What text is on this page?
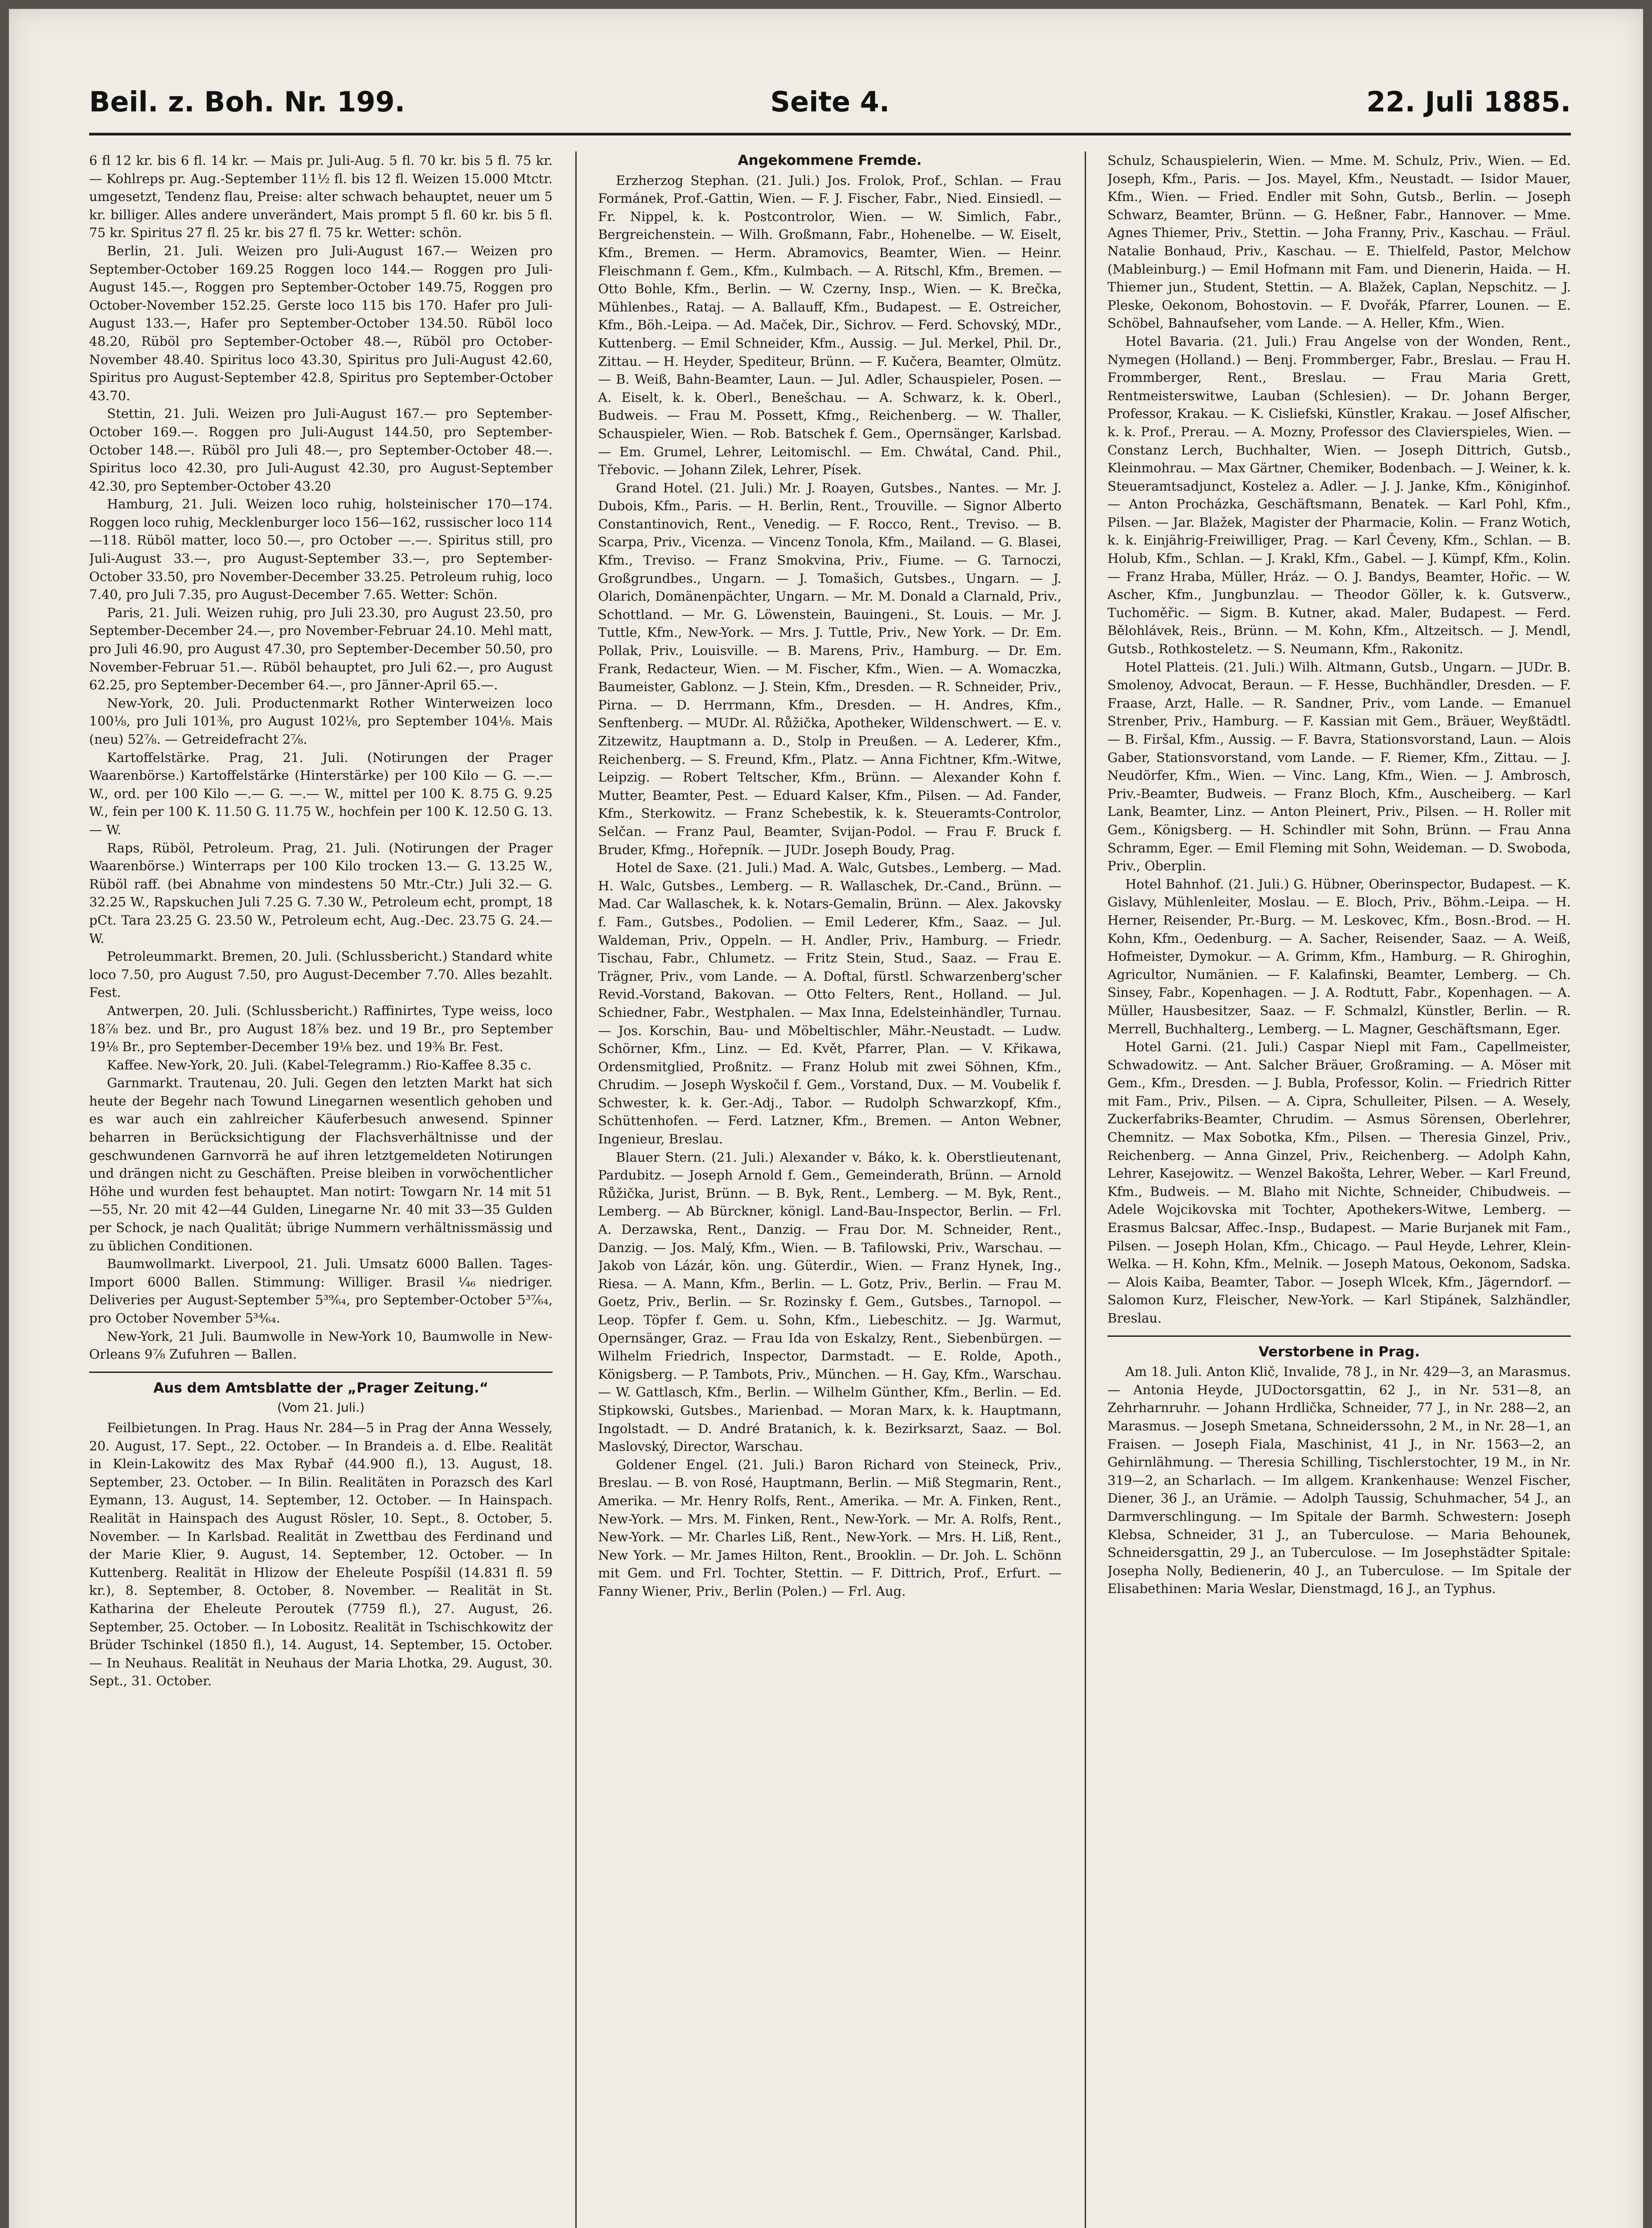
Beil. z. Boh. Nr. 199.	Seite 4.	22. Juli 1885.

6 fl 12 kr. bis 6 fl. 14 kr. — Mais pr. Juli-Aug. 5 fl. 70 kr. bis 5 fl. 75 kr. — Kohlreps pr. Aug.-September 11½ fl. bis 12 fl. Weizen 15.000 Mtctr. umgesetzt, Tendenz flau, Preise: alter schwach behauptet, neuer um 5 kr. billiger. Alles andere unverändert, Mais prompt 5 fl. 60 kr. bis 5 fl. 75 kr. Spiritus 27 fl. 25 kr. bis 27 fl. 75 kr. Wetter: schön.

Berlin, 21. Juli. Weizen pro Juli-August 167.— Weizen pro September-October 169.25 Roggen loco 144.— Roggen pro Juli-August 145.—, Roggen pro September-October 149.75, Roggen pro October-November 152.25. Gerste loco 115 bis 170. Hafer pro Juli-August 133.—, Hafer pro September-October 134.50. Rüböl loco 48.20, Rüböl pro September-October 48.—, Rüböl pro October-November 48.40. Spiritus loco 43.30, Spiritus pro Juli-August 42.60, Spiritus pro August-September 42.8, Spiritus pro September-October 43.70.

Stettin, 21. Juli. Weizen pro Juli-August 167.— pro September-October 169.—. Roggen pro Juli-August 144.50, pro September-October 148.—. Rüböl pro Juli 48.—, pro September-October 48.—. Spiritus loco 42.30, pro Juli-August 42.30, pro August-September 42.30, pro September-October 43.20

Hamburg, 21. Juli. Weizen loco ruhig, holsteinischer 170—174. Roggen loco ruhig, Mecklenburger loco 156—162, russischer loco 114—118. Rüböl matter, loco 50.—, pro October —.—. Spiritus still, pro Juli-August 33.—, pro August-September 33.—, pro September-October 33.50, pro November-December 33.25. Petroleum ruhig, loco 7.40, pro Juli 7.35, pro August-December 7.65. Wetter: Schön.

Paris, 21. Juli. Weizen ruhig, pro Juli 23.30, pro August 23.50, pro September-December 24.—, pro November-Februar 24.10. Mehl matt, pro Juli 46.90, pro August 47.30, pro September-December 50.50, pro November-Februar 51.—. Rüböl behauptet, pro Juli 62.—, pro August 62.25, pro September-December 64.—, pro Jänner-April 65.—.

New-York, 20. Juli. Productenmarkt Rother Winterweizen loco 100⅛, pro Juli 101⅜, pro August 102⅛, pro September 104⅛. Mais (neu) 52⅞. — Getreidefracht 2⅞.

Kartoffelstärke. Prag, 21. Juli. (Notirungen der Prager Waarenbörse.) Kartoffelstärke (Hinterstärke) per 100 Kilo — G. —.— W., ord. per 100 Kilo —.— G. —.— W., mittel per 100 K. 8.75 G. 9.25 W., fein per 100 K. 11.50 G. 11.75 W., hochfein per 100 K. 12.50 G. 13.— W.

Raps, Rüböl, Petroleum. Prag, 21. Juli. (Notirungen der Prager Waarenbörse.) Winterraps per 100 Kilo trocken 13.— G. 13.25 W., Rüböl raff. (bei Abnahme von mindestens 50 Mtr.-Ctr.) Juli 32.— G. 32.25 W., Rapskuchen Juli 7.25 G. 7.30 W., Petroleum echt, prompt, 18 pCt. Tara 23.25 G. 23.50 W., Petroleum echt, Aug.-Dec. 23.75 G. 24.— W.

Petroleummarkt. Bremen, 20. Juli. (Schlussbericht.) Standard white loco 7.50, pro August 7.50, pro August-December 7.70. Alles bezahlt. Fest.

Antwerpen, 20. Juli. (Schlussbericht.) Raffinirtes, Type weiss, loco 18⅞ bez. und Br., pro August 18⅞ bez. und 19 Br., pro September 19⅛ Br., pro September-December 19⅛ bez. und 19⅜ Br. Fest.

Kaffee. New-York, 20. Juli. (Kabel-Telegramm.) Rio-Kaffee 8.35 c.

Garnmarkt. Trautenau, 20. Juli. Gegen den letzten Markt hat sich heute der Begehr nach Towund Linegarnen wesentlich gehoben und es war auch ein zahlreicher Käuferbesuch anwesend. Spinner beharren in Berücksichtigung der Flachsverhältnisse und der geschwundenen Garnvorrä he auf ihren letztgemeldeten Notirungen und drängen nicht zu Geschäften. Preise bleiben in vorwöchentlicher Höhe und wurden fest behauptet. Man notirt: Towgarn Nr. 14 mit 51—55, Nr. 20 mit 42—44 Gulden, Linegarne Nr. 40 mit 33—35 Gulden per Schock, je nach Qualität; übrige Nummern verhältnissmässig und zu üblichen Conditionen.

Baumwollmarkt. Liverpool, 21. Juli. Umsatz 6000 Ballen. Tages-Import 6000 Ballen. Stimmung: Williger. Brasil ¼₆ niedriger. Deliveries per August-September 5³⁹⁄₆₄, pro September-October 5³⁷⁄₆₄, pro October November 5³⁴⁄₆₄.

New-York, 21 Juli. Baumwolle in New-York 10, Baumwolle in New-Orleans 9⅞ Zufuhren — Ballen.

Aus dem Amtsblatte der „Prager Zeitung.“
(Vom 21. Juli.)

Feilbietungen. In Prag. Haus Nr. 284—5 in Prag der Anna Wessely, 20. August, 17. Sept., 22. October. — In Brandeis a. d. Elbe. Realität in Klein-Lakowitz des Max Rybař (44.900 fl.), 13. August, 18. September, 23. October. — In Bilin. Realitäten in Porazsch des Karl Eymann, 13. August, 14. September, 12. October. — In Hainspach. Realität in Hainspach des August Rösler, 10. Sept., 8. October, 5. November. — In Karlsbad. Realität in Zwettbau des Ferdinand und der Marie Klier, 9. August, 14. September, 12. October. — In Kuttenberg. Realität in Hlizow der Eheleute Pospíšil (14.831 fl. 59 kr.), 8. September, 8. October, 8. November. — Realität in St. Katharina der Eheleute Peroutek (7759 fl.), 27. August, 26. September, 25. October. — In Lobositz. Realität in Tschischkowitz der Brüder Tschinkel (1850 fl.), 14. August, 14. September, 15. October. — In Neuhaus. Realität in Neuhaus der Maria Lhotka, 29. August, 30. Sept., 31. October.

Angekommene Fremde.

Erzherzog Stephan. (21. Juli.) Jos. Frolok, Prof., Schlan. — Frau Formánek, Prof.-Gattin, Wien. — F. J. Fischer, Fabr., Nied. Einsiedl. — Fr. Nippel, k. k. Postcontrolor, Wien. — W. Simlich, Fabr., Bergreichenstein. — Wilh. Großmann, Fabr., Hohenelbe. — W. Eiselt, Kfm., Bremen. — Herm. Abramovics, Beamter, Wien. — Heinr. Fleischmann f. Gem., Kfm., Kulmbach. — A. Ritschl, Kfm., Bremen. — Otto Bohle, Kfm., Berlin. — W. Czerny, Insp., Wien. — K. Brečka, Mühlenbes., Rataj. — A. Ballauff, Kfm., Budapest. — E. Ostreicher, Kfm., Böh.-Leipa. — Ad. Maček, Dir., Sichrov. — Ferd. Schovský, MDr., Kuttenberg. — Emil Schneider, Kfm., Aussig. — Jul. Merkel, Phil. Dr., Zittau. — H. Heyder, Spediteur, Brünn. — F. Kučera, Beamter, Olmütz. — B. Weiß, Bahn-Beamter, Laun. — Jul. Adler, Schauspieler, Posen. — A. Eiselt, k. k. Oberl., Benešchau. — A. Schwarz, k. k. Oberl., Budweis. — Frau M. Possett, Kfmg., Reichenberg. — W. Thaller, Schauspieler, Wien. — Rob. Batschek f. Gem., Opernsänger, Karlsbad. — Em. Grumel, Lehrer, Leitomischl. — Em. Chwátal, Cand. Phil., Třebovic. — Johann Zilek, Lehrer, Písek.

Grand Hotel. (21. Juli.) Mr. J. Roayen, Gutsbes., Nantes. — Mr. J. Dubois, Kfm., Paris. — H. Berlin, Rent., Trouville. — Signor Alberto Constantinovich, Rent., Venedig. — F. Rocco, Rent., Treviso. — B. Scarpa, Priv., Vicenza. — Vincenz Tonola, Kfm., Mailand. — G. Blasei, Kfm., Treviso. — Franz Smokvina, Priv., Fiume. — G. Tarnoczi, Großgrundbes., Ungarn. — J. Tomašich, Gutsbes., Ungarn. — J. Olarich, Domänenpächter, Ungarn. — Mr. M. Donald a Clarnald, Priv., Schottland. — Mr. G. Löwenstein, Bauingeni., St. Louis. — Mr. J. Tuttle, Kfm., New-York. — Mrs. J. Tuttle, Priv., New York. — Dr. Em. Pollak, Priv., Louisville. — B. Marens, Priv., Hamburg. — Dr. Em. Frank, Redacteur, Wien. — M. Fischer, Kfm., Wien. — A. Womaczka, Baumeister, Gablonz. — J. Stein, Kfm., Dresden. — R. Schneider, Priv., Pirna. — D. Herrmann, Kfm., Dresden. — H. Andres, Kfm., Senftenberg. — MUDr. Al. Růžička, Apotheker, Wildenschwert. — E. v. Zitzewitz, Hauptmann a. D., Stolp in Preußen. — A. Lederer, Kfm., Reichenberg. — S. Freund, Kfm., Platz. — Anna Fichtner, Kfm.-Witwe, Leipzig. — Robert Teltscher, Kfm., Brünn. — Alexander Kohn f. Mutter, Beamter, Pest. — Eduard Kalser, Kfm., Pilsen. — Ad. Fander, Kfm., Sterkowitz. — Franz Schebestik, k. k. Steueramts-Controlor, Selčan. — Franz Paul, Beamter, Svijan-Podol. — Frau F. Bruck f. Bruder, Kfmg., Hořepník. — JUDr. Joseph Boudy, Prag.

Hotel de Saxe. (21. Juli.) Mad. A. Walc, Gutsbes., Lemberg. — Mad. H. Walc, Gutsbes., Lemberg. — R. Wallaschek, Dr.-Cand., Brünn. — Mad. Car Wallaschek, k. k. Notars-Gemalin, Brünn. — Alex. Jakovsky f. Fam., Gutsbes., Podolien. — Emil Lederer, Kfm., Saaz. — Jul. Waldeman, Priv., Oppeln. — H. Andler, Priv., Hamburg. — Friedr. Tischau, Fabr., Chlumetz. — Fritz Stein, Stud., Saaz. — Frau E. Trägner, Priv., vom Lande. — A. Doftal, fürstl. Schwarzenberg'scher Revid.-Vorstand, Bakovan. — Otto Felters, Rent., Holland. — Jul. Schiedner, Fabr., Westphalen. — Max Inna, Edelsteinhändler, Turnau. — Jos. Korschin, Bau- und Möbeltischler, Mähr.-Neustadt. — Ludw. Schörner, Kfm., Linz. — Ed. Květ, Pfarrer, Plan. — V. Křikawa, Ordensmitglied, Proßnitz. — Franz Holub mit zwei Söhnen, Kfm., Chrudim. — Joseph Wyskočil f. Gem., Vorstand, Dux. — M. Voubelik f. Schwester, k. k. Ger.-Adj., Tabor. — Rudolph Schwarzkopf, Kfm., Schüttenhofen. — Ferd. Latzner, Kfm., Bremen. — Anton Webner, Ingenieur, Breslau.

Blauer Stern. (21. Juli.) Alexander v. Báko, k. k. Oberstlieutenant, Pardubitz. — Joseph Arnold f. Gem., Gemeinderath, Brünn. — Arnold Růžička, Jurist, Brünn. — B. Byk, Rent., Lemberg. — M. Byk, Rent., Lemberg. — Ab Bürckner, königl. Land-Bau-Inspector, Berlin. — Frl. A. Derzawska, Rent., Danzig. — Frau Dor. M. Schneider, Rent., Danzig. — Jos. Malý, Kfm., Wien. — B. Tafilowski, Priv., Warschau. — Jakob von Lázár, kön. ung. Güterdir., Wien. — Franz Hynek, Ing., Riesa. — A. Mann, Kfm., Berlin. — L. Gotz, Priv., Berlin. — Frau M. Goetz, Priv., Berlin. — Sr. Rozinsky f. Gem., Gutsbes., Tarnopol. — Leop. Töpfer f. Gem. u. Sohn, Kfm., Liebeschitz. — Jg. Warmut, Opernsänger, Graz. — Frau Ida von Eskalzy, Rent., Siebenbürgen. — Wilhelm Friedrich, Inspector, Darmstadt. — E. Rolde, Apoth., Königsberg. — P. Tambots, Priv., München. — H. Gay, Kfm., Warschau. — W. Gattlasch, Kfm., Berlin. — Wilhelm Günther, Kfm., Berlin. — Ed. Stipkowski, Gutsbes., Marienbad. — Moran Marx, k. k. Hauptmann, Ingolstadt. — D. André Bratanich, k. k. Bezirksarzt, Saaz. — Bol. Maslovský, Director, Warschau.

Goldener Engel. (21. Juli.) Baron Richard von Steineck, Priv., Breslau. — B. von Rosé, Hauptmann, Berlin. — Miß Stegmarin, Rent., Amerika. — Mr. Henry Rolfs, Rent., Amerika. — Mr. A. Finken, Rent., New-York. — Mrs. M. Finken, Rent., New-York. — Mr. A. Rolfs, Rent., New-York. — Mr. Charles Liß, Rent., New-York. — Mrs. H. Liß, Rent., New York. — Mr. James Hilton, Rent., Brooklin. — Dr. Joh. L. Schönn mit Gem. und Frl. Tochter, Stettin. — F. Dittrich, Prof., Erfurt. — Fanny Wiener, Priv., Berlin (Polen.) — Frl. Aug.

Schulz, Schauspielerin, Wien. — Mme. M. Schulz, Priv., Wien. — Ed. Joseph, Kfm., Paris. — Jos. Mayel, Kfm., Neustadt. — Isidor Mauer, Kfm., Wien. — Fried. Endler mit Sohn, Gutsb., Berlin. — Joseph Schwarz, Beamter, Brünn. — G. Heßner, Fabr., Hannover. — Mme. Agnes Thiemer, Priv., Stettin. — Joha Franny, Priv., Kaschau. — Fräul. Natalie Bonhaud, Priv., Kaschau. — E. Thielfeld, Pastor, Melchow (Mableinburg.) — Emil Hofmann mit Fam. und Dienerin, Haida. — H. Thiemer jun., Student, Stettin. — A. Blažek, Caplan, Nepschitz. — J. Pleske, Oekonom, Bohostovin. — F. Dvořák, Pfarrer, Lounen. — E. Schöbel, Bahnaufseher, vom Lande. — A. Heller, Kfm., Wien.

Hotel Bavaria. (21. Juli.) Frau Angelse von der Wonden, Rent., Nymegen (Holland.) — Benj. Frommberger, Fabr., Breslau. — Frau H. Frommberger, Rent., Breslau. — Frau Maria Grett, Rentmeisterswitwe, Lauban (Schlesien). — Dr. Johann Berger, Professor, Krakau. — K. Cisliefski, Künstler, Krakau. — Josef Alfischer, k. k. Prof., Prerau. — A. Mozny, Professor des Clavierspieles, Wien. — Constanz Lerch, Buchhalter, Wien. — Joseph Dittrich, Gutsb., Kleinmohrau. — Max Gärtner, Chemiker, Bodenbach. — J. Weiner, k. k. Steueramtsadjunct, Kostelez a. Adler. — J. J. Janke, Kfm., Königinhof. — Anton Procházka, Geschäftsmann, Benatek. — Karl Pohl, Kfm., Pilsen. — Jar. Blažek, Magister der Pharmacie, Kolin. — Franz Wotich, k. k. Einjährig-Freiwilliger, Prag. — Karl Čeveny, Kfm., Schlan. — B. Holub, Kfm., Schlan. — J. Krakl, Kfm., Gabel. — J. Kümpf, Kfm., Kolin. — Franz Hraba, Müller, Hráz. — O. J. Bandys, Beamter, Hořic. — W. Ascher, Kfm., Jungbunzlau. — Theodor Göller, k. k. Gutsverw., Tuchoměřic. — Sigm. B. Kutner, akad. Maler, Budapest. — Ferd. Bělohlávek, Reis., Brünn. — M. Kohn, Kfm., Altzeitsch. — J. Mendl, Gutsb., Rothkosteletz. — S. Neumann, Kfm., Rakonitz.

Hotel Platteis. (21. Juli.) Wilh. Altmann, Gutsb., Ungarn. — JUDr. B. Smolenoy, Advocat, Beraun. — F. Hesse, Buchhändler, Dresden. — F. Fraase, Arzt, Halle. — R. Sandner, Priv., vom Lande. — Emanuel Strenber, Priv., Hamburg. — F. Kassian mit Gem., Bräuer, Weyßtädtl. — B. Firšal, Kfm., Aussig. — F. Bavra, Stationsvorstand, Laun. — Alois Gaber, Stationsvorstand, vom Lande. — F. Riemer, Kfm., Zittau. — J. Neudörfer, Kfm., Wien. — Vinc. Lang, Kfm., Wien. — J. Ambrosch, Priv.-Beamter, Budweis. — Franz Bloch, Kfm., Auscheiberg. — Karl Lank, Beamter, Linz. — Anton Pleinert, Priv., Pilsen. — H. Roller mit Gem., Königsberg. — H. Schindler mit Sohn, Brünn. — Frau Anna Schramm, Eger. — Emil Fleming mit Sohn, Weideman. — D. Swoboda, Priv., Oberplin.

Hotel Bahnhof. (21. Juli.) G. Hübner, Oberinspector, Budapest. — K. Gislavy, Mühlenleiter, Moslau. — E. Bloch, Priv., Böhm.-Leipa. — H. Herner, Reisender, Pr.-Burg. — M. Leskovec, Kfm., Bosn.-Brod. — H. Kohn, Kfm., Oedenburg. — A. Sacher, Reisender, Saaz. — A. Weiß, Hofmeister, Dymokur. — A. Grimm, Kfm., Hamburg. — R. Ghiroghin, Agricultor, Numänien. — F. Kalafinski, Beamter, Lemberg. — Ch. Sinsey, Fabr., Kopenhagen. — J. A. Rodtutt, Fabr., Kopenhagen. — A. Müller, Hausbesitzer, Saaz. — F. Schmalzl, Künstler, Berlin. — R. Merrell, Buchhalterg., Lemberg. — L. Magner, Geschäftsmann, Eger.

Hotel Garni. (21. Juli.) Caspar Niepl mit Fam., Capellmeister, Schwadowitz. — Ant. Salcher Bräuer, Großraming. — A. Möser mit Gem., Kfm., Dresden. — J. Bubla, Professor, Kolin. — Friedrich Ritter mit Fam., Priv., Pilsen. — A. Cipra, Schulleiter, Pilsen. — A. Wesely, Zuckerfabriks-Beamter, Chrudim. — Asmus Sörensen, Oberlehrer, Chemnitz. — Max Sobotka, Kfm., Pilsen. — Theresia Ginzel, Priv., Reichenberg. — Anna Ginzel, Priv., Reichenberg. — Adolph Kahn, Lehrer, Kasejowitz. — Wenzel Bakošta, Lehrer, Weber. — Karl Freund, Kfm., Budweis. — M. Blaho mit Nichte, Schneider, Chibudweis. — Adele Wojcikovska mit Tochter, Apothekers-Witwe, Lemberg. — Erasmus Balcsar, Affec.-Insp., Budapest. — Marie Burjanek mit Fam., Pilsen. — Joseph Holan, Kfm., Chicago. — Paul Heyde, Lehrer, Klein-Welka. — H. Kohn, Kfm., Melnik. — Joseph Matous, Oekonom, Sadska. — Alois Kaiba, Beamter, Tabor. — Joseph Wlcek, Kfm., Jägerndorf. — Salomon Kurz, Fleischer, New-York. — Karl Stipánek, Salzhändler, Breslau.

Verstorbene in Prag.

Am 18. Juli. Anton Klič, Invalide, 78 J., in Nr. 429—3, an Marasmus. — Antonia Heyde, JUDoctorsgattin, 62 J., in Nr. 531—8, an Zehrharnruhr. — Johann Hrdlička, Schneider, 77 J., in Nr. 288—2, an Marasmus. — Joseph Smetana, Schneiderssohn, 2 M., in Nr. 28—1, an Fraisen. — Joseph Fiala, Maschinist, 41 J., in Nr. 1563—2, an Gehirnlähmung. — Theresia Schilling, Tischlerstochter, 19 M., in Nr. 319—2, an Scharlach. — Im allgem. Krankenhause: Wenzel Fischer, Diener, 36 J., an Urämie. — Adolph Taussig, Schuhmacher, 54 J., an Darmverschlingung. — Im Spitale der Barmh. Schwestern: Joseph Klebsa, Schneider, 31 J., an Tuberculose. — Maria Behounek, Schneidersgattin, 29 J., an Tuberculose. — Im Josephstädter Spitale: Josepha Nolly, Bedienerin, 40 J., an Tuberculose. — Im Spitale der Elisabethinen: Maria Weslar, Dienstmagd, 16 J., an Typhus.
